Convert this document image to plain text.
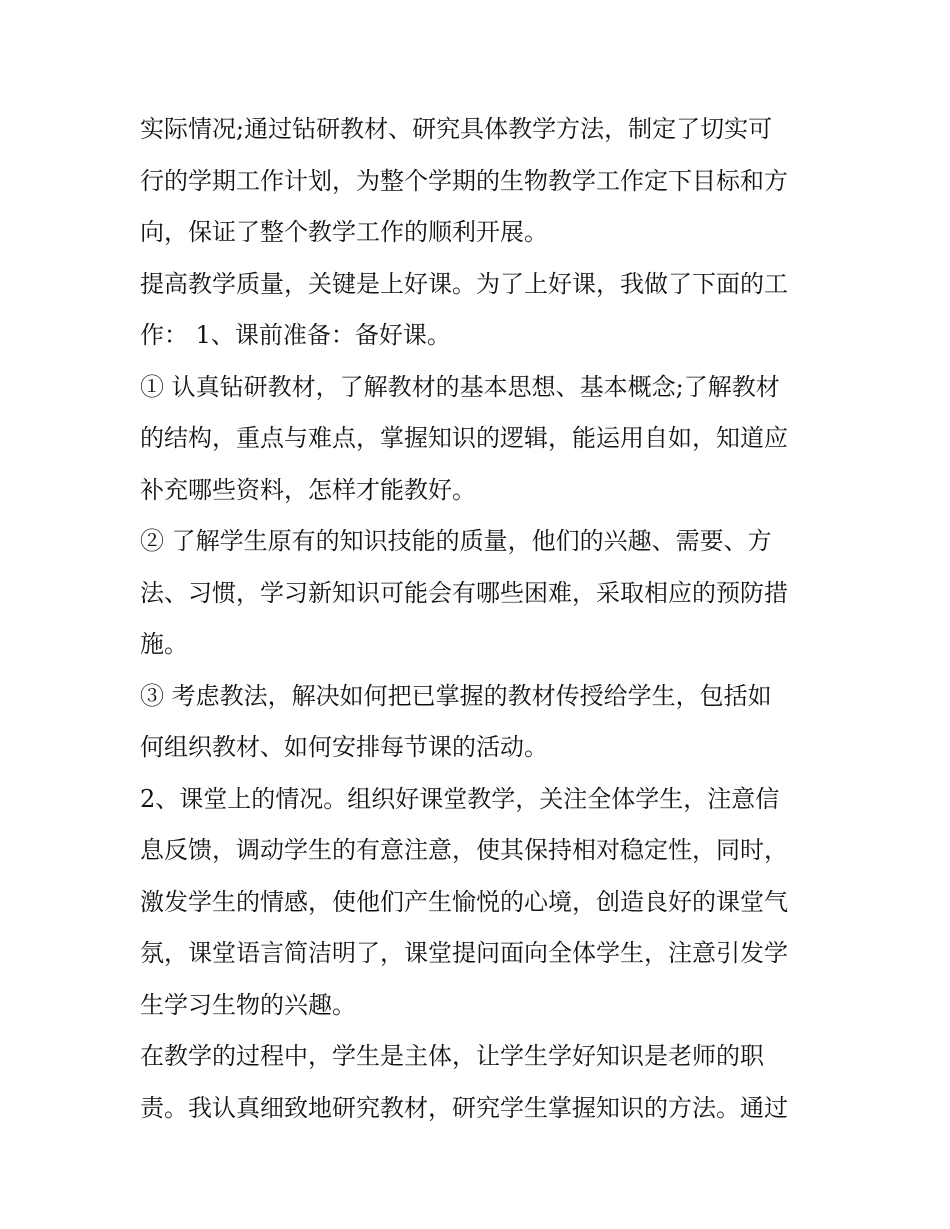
实际情况;通过钻研教材、研究具体教学方法，制定了切实可
行的学期工作计划，为整个学期的生物教学工作定下目标和方
向，保证了整个教学工作的顺利开展。
提高教学质量，关键是上好课。为了上好课，我做了下面的工
作： 1、课前准备：备好课。
① 认真钻研教材，了解教材的基本思想、基本概念;了解教材
的结构，重点与难点，掌握知识的逻辑，能运用自如，知道应
补充哪些资料，怎样才能教好。
② 了解学生原有的知识技能的质量，他们的兴趣、需要、方
法、习惯，学习新知识可能会有哪些困难，采取相应的预防措
施。
③ 考虑教法，解决如何把已掌握的教材传授给学生，包括如
何组织教材、如何安排每节课的活动。
2、课堂上的情况。组织好课堂教学，关注全体学生，注意信
息反馈，调动学生的有意注意，使其保持相对稳定性，同时，
激发学生的情感，使他们产生愉悦的心境，创造良好的课堂气
氛，课堂语言简洁明了，课堂提问面向全体学生，注意引发学
生学习生物的兴趣。
在教学的过程中，学生是主体，让学生学好知识是老师的职
责。我认真细致地研究教材，研究学生掌握知识的方法。通过
